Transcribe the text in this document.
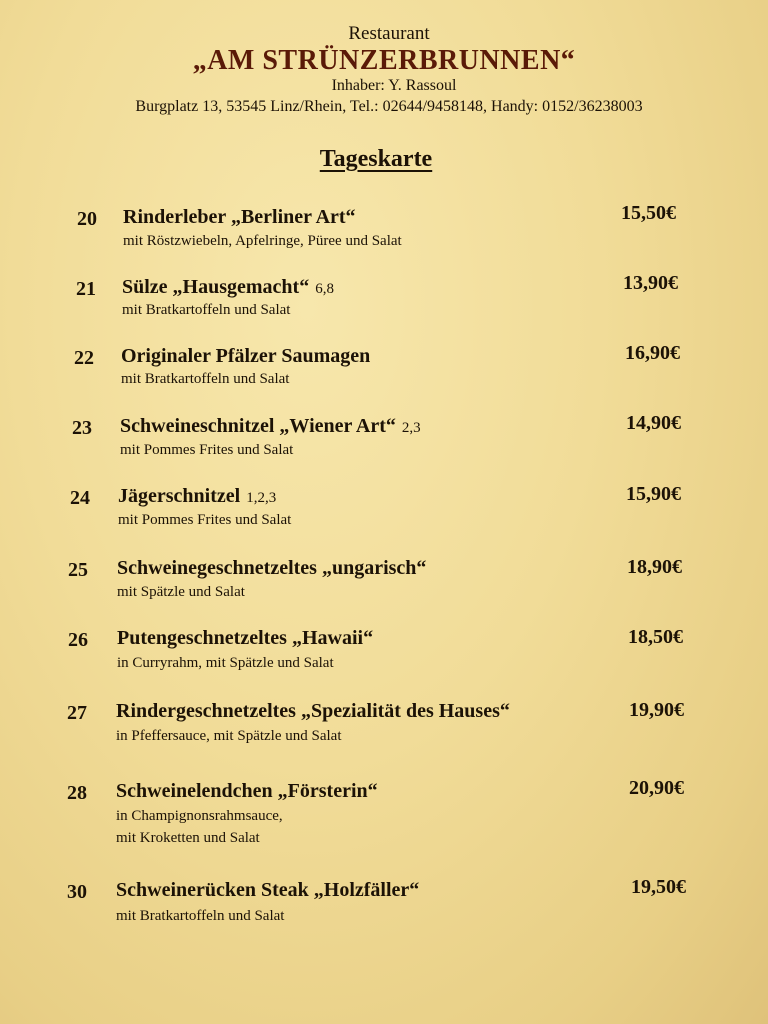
Restaurant
„AM STRÜNZERBRUNNEN“
Inhaber: Y. Rassoul
Burgplatz 13, 53545 Linz/Rhein, Tel.: 02644/9458148, Handy: 0152/36238003
Tageskarte
20	Rinderleber „Berliner Art“	15,50€
mit Röstzwiebeln, Apfelringe, Püree und Salat
21	Sülze „Hausgemacht“ 6,8	13,90€
mit Bratkartoffeln und Salat
22	Originaler Pfälzer Saumagen	16,90€
mit Bratkartoffeln und Salat
23	Schweineschnitzel „Wiener Art“ 2,3	14,90€
mit Pommes Frites und Salat
24	Jägerschnitzel 1,2,3	15,90€
mit Pommes Frites und Salat
25	Schweinegeschnetzeltes „ungarisch“	18,90€
mit Spätzle und Salat
26	Putengeschnetzeltes „Hawaii“	18,50€
in Curryrahm, mit Spätzle und Salat
27	Rindergeschnetzeltes „Spezialität des Hauses“	19,90€
in Pfeffersauce, mit Spätzle und Salat
28	Schweinelendchen „Försterin“	20,90€
in Champignonsrahmsauce,
mit Kroketten und Salat
30	Schweinerücken Steak „Holzfäller“	19,50€
mit Bratkartoffeln und Salat
